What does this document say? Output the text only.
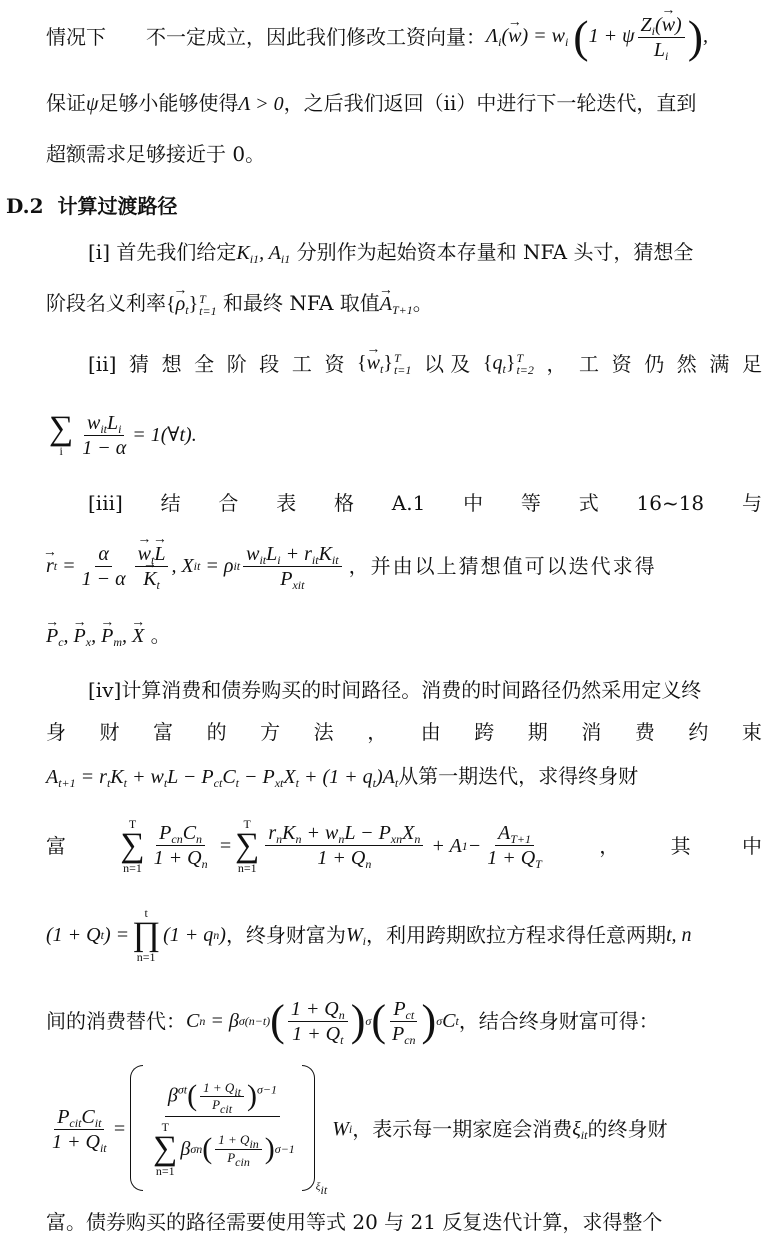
情况下　　不一定成立，因此我们修改工资向量： $\Lambda_i(\to w) = w_i$ (1 + ψ $\frac{Z_i(\to w)}{L_i}$ ),
保证ψ足够小能够使得Λ > 0，之后我们返回（ii）中进行下一轮迭代，直到
超额需求足够接近于 0。
D.2 计算过渡路径
[i] 首先我们给定$K_{i1}$, $A_{i1}$ 分别作为起始资本存量和 NFA 头寸，猜想全
阶段名义利率{→ $\rho_t$} T
t=1 和最终 NFA 取值→ $A_{T+1}$。
[ii] 猜 想 全 阶 段 工 资 {→ $w_t$} T
t=1 以 及 $\{q_t\}$ T
t=2 ， 工 资 仍 然 满 足
∑
i $\frac{w_{it}L_i}{1 - \alpha}$ = 1(∀t).
[iii] 结 合 表 格 A.1 中 等 式 16~18 与
→ r $t = \frac{\alpha}{1 - \alpha}$
→ $w_t\to L$
→ $K_t$ , X it = ρ it $\frac{w_{it}L_i + r_{it}K_{it}}{P_{xit}}$ ，并由以上猜想值可以迭代求得
→ $P_c$, → $P_x$, → $P_m$, → X 。
[iv]计算消费和债券购买的时间路径。消费的时间路径仍然采用定义终
身 财 富 的 方 法 ， 由 跨 期 消 费 约 束
$A_{t+1} = r_tK_t + w_tL - P_{ct}C_t - P_{xt}X_t + (1 + q_t)A_t$从第一期迭代，求得终身财
富
T
∑
$n=1 \frac{P_{cn}C_n}{1 + Q_n}$ =
T
∑
$n=1 \frac{r_nK_n + w_nL - P_{xn}X_n}{1 + Q_n} + A$ $1 - \frac{A_{T+1}}{1 + Q_T}$	，	其	中
(1 + Q t ) =
t
∏
n=1
(1 + q n ) ，终身财富为 $W_i$ ，利用跨期欧拉方程求得任意两期 t, n
间的消费替代： C n = β σ(n−t) ( $\frac{1 + Q_n}{1 + Q_t}$ ) σ ( $\frac{P_{ct}}{P_{cn}}$ ) σ C t ，结合终身财富可得：
$\frac{P_{cit}C_{it}}{1 + Q_{it}} = \beta^{\sigma t}( \frac{1 + Q_{it}}{P_{cit}} )^{\sigma-1}$
T
∑
n=1
β σn ( $\frac{1 + Q_{in}}{P_{cin}}$ ) σ−1
$\xi_{it}$
W i ，表示每一期家庭会消费 $\xi_{it}$ 的终身财
富。债券购买的路径需要使用等式 20 与 21 反复迭代计算，求得整个
